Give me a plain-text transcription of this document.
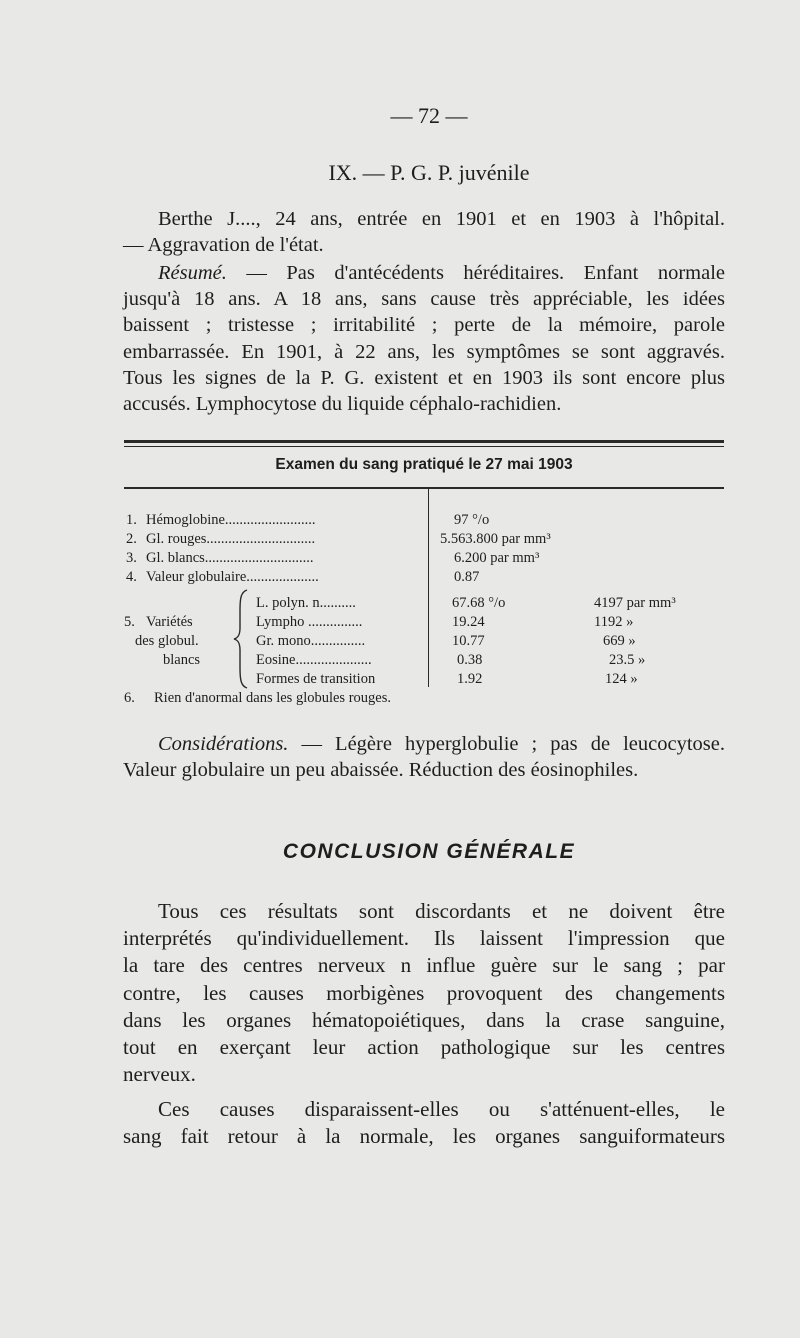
— 72 —
IX. — P. G. P. juvénile
Berthe J...., 24 ans, entrée en 1901 et en 1903 à l'hôpital.
— Aggravation de l'état.
Résumé. — Pas d'antécédents héréditaires. Enfant normale
jusqu'à 18 ans. A 18 ans, sans cause très appréciable, les idées
baissent ; tristesse ; irritabilité ; perte de la mémoire, parole
embarrassée. En 1901, à 22 ans, les symptômes se sont aggravés.
Tous les signes de la P. G. existent et en 1903 ils sont encore plus
accusés. Lymphocytose du liquide céphalo-rachidien.
Examen du sang pratiqué le 27 mai 1903
1. Hémoglobine.........................	97 °/o
2. Gl. rouges..............................	5.563.800 par mm³
3. Gl. blancs..............................	6.200 par mm³
4. Valeur globulaire....................	0.87
5. Variétés
des globul.
blancs
L. polyn. n..........	67.68 °/o	4197 par mm³
Lympho ...............	19.24	1192 »
Gr. mono...............	10.77	669 »
Eosine.....................	0.38	23.5 »
Formes de transition	1.92	124 »
6. Rien d'anormal dans les globules rouges.
Considérations. — Légère hyperglobulie ; pas de leucocytose.
Valeur globulaire un peu abaissée. Réduction des éosinophiles.
CONCLUSION GÉNÉRALE
Tous ces résultats sont discordants et ne doivent être
interprétés qu'individuellement. Ils laissent l'impression que
la tare des centres nerveux n influe guère sur le sang ; par
contre, les causes morbigènes provoquent des changements
dans les organes hématopoiétiques, dans la crase sanguine,
tout en exerçant leur action pathologique sur les centres
nerveux.
Ces causes disparaissent-elles ou s'atténuent-elles, le
sang fait retour à la normale, les organes sanguiformateurs
